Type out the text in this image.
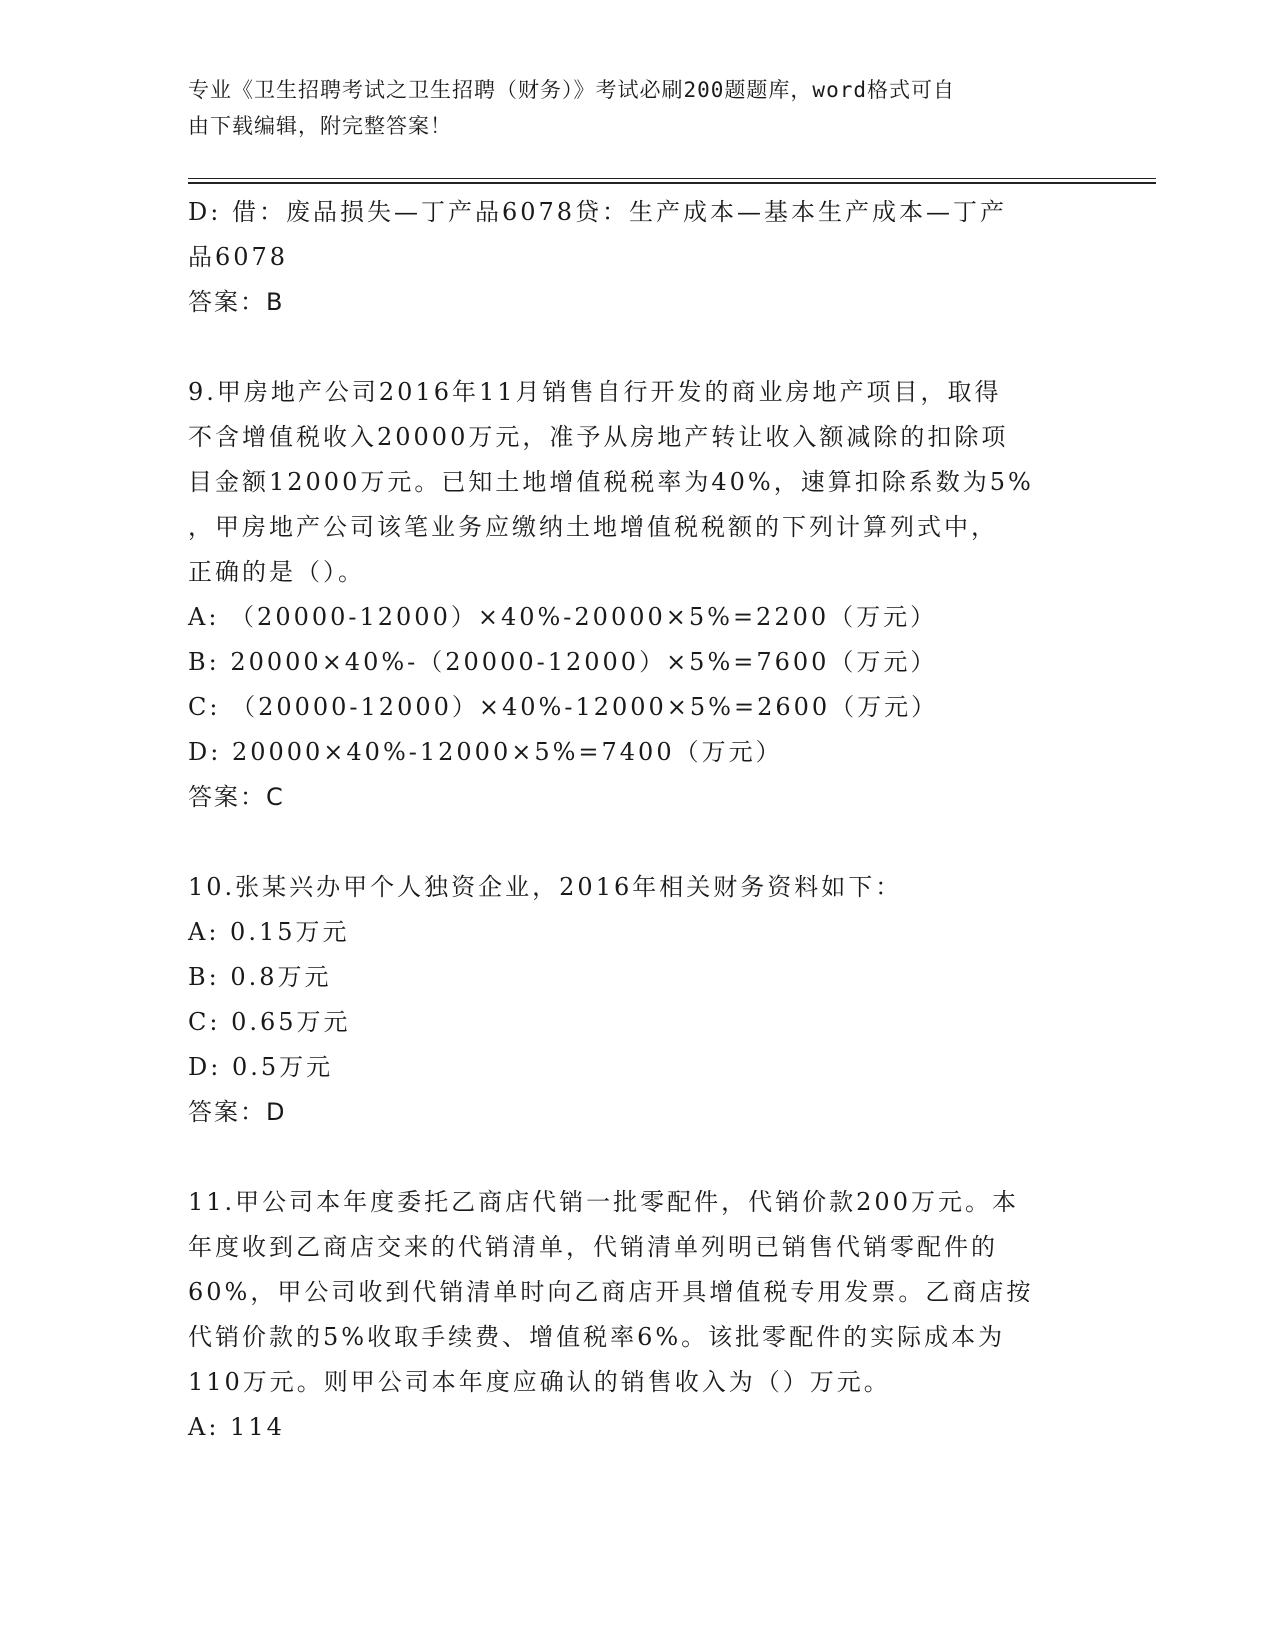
专业《卫生招聘考试之卫生招聘（财务）》考试必刷200题题库，word格式可自
由下载编辑，附完整答案！
D: 借：废品损失—丁产品6078贷：生产成本—基本生产成本—丁产
品6078

答案：B

9.甲房地产公司2016年11月销售自行开发的商业房地产项目，取得
不含增值税收入20000万元，准予从房地产转让收入额减除的扣除项
目金额12000万元。已知土地增值税税率为40%，速算扣除系数为5%
，甲房地产公司该笔业务应缴纳土地增值税税额的下列计算列式中，
正确的是（）。
A: （20000-12000）×40%-20000×5%=2200（万元）
B: 20000×40%-（20000-12000）×5%=7600（万元）
C: （20000-12000）×40%-12000×5%=2600（万元）
D: 20000×40%-12000×5%=7400（万元）

答案：C

10.张某兴办甲个人独资企业，2016年相关财务资料如下：
A: 0.15万元
B: 0.8万元
C: 0.65万元
D: 0.5万元

答案：D

11.甲公司本年度委托乙商店代销一批零配件，代销价款200万元。本
年度收到乙商店交来的代销清单，代销清单列明已销售代销零配件的
60%，甲公司收到代销清单时向乙商店开具增值税专用发票。乙商店按
代销价款的5%收取手续费、增值税率6%。该批零配件的实际成本为
110万元。则甲公司本年度应确认的销售收入为（）万元。
A: 114
